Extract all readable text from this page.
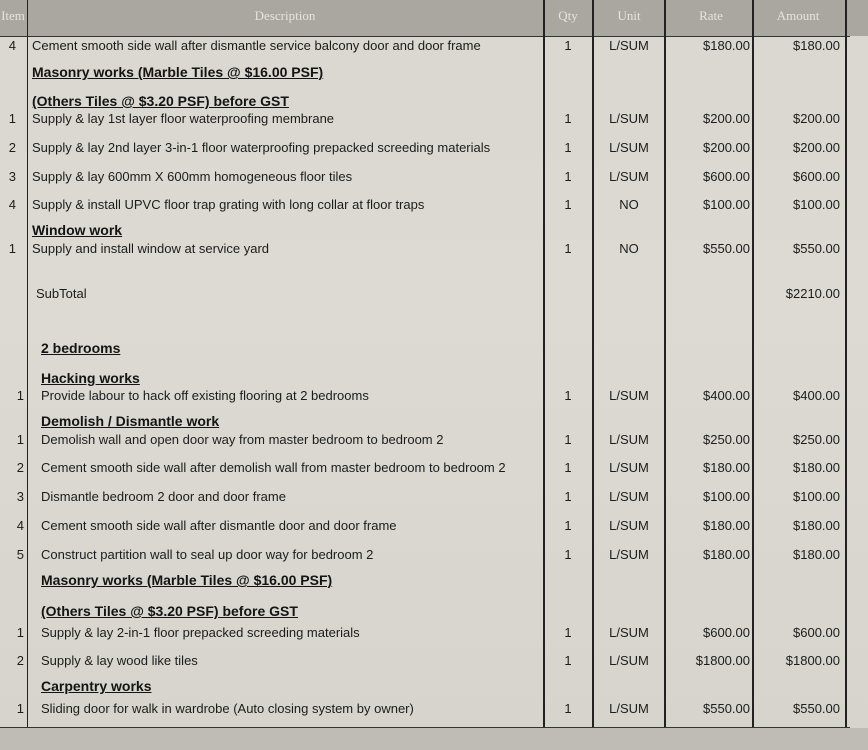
Item	Description	Qty	Unit	Rate	Amount
4 Cement smooth side wall after dismantle service balcony door and door frame	1	L/SUM	$180.00	$180.00
Masonry works (Marble Tiles @ $16.00 PSF)
(Others Tiles @ $3.20 PSF) before GST
1 Supply & lay 1st layer floor waterproofing membrane	1	L/SUM	$200.00	$200.00
2 Supply & lay 2nd layer 3-in-1 floor waterproofing prepacked screeding materials	1	L/SUM	$200.00	$200.00
3 Supply & lay 600mm X 600mm homogeneous floor tiles	1	L/SUM	$600.00	$600.00
4 Supply & install UPVC floor trap grating with long collar at floor traps	1	NO	$100.00	$100.00
Window work
1 Supply and install window at service yard	1	NO	$550.00	$550.00
SubTotal	$2210.00
2 bedrooms
Hacking works
1 Provide labour to hack off existing flooring at 2 bedrooms	1	L/SUM	$400.00	$400.00
Demolish / Dismantle work
1 Demolish wall and open door way from master bedroom to bedroom 2	1	L/SUM	$250.00	$250.00
2 Cement smooth side wall after demolish wall from master bedroom to bedroom 2	1	L/SUM	$180.00	$180.00
3 Dismantle bedroom 2 door and door frame	1	L/SUM	$100.00	$100.00
4 Cement smooth side wall after dismantle door and door frame	1	L/SUM	$180.00	$180.00
5 Construct partition wall to seal up door way for bedroom 2	1	L/SUM	$180.00	$180.00
Masonry works (Marble Tiles @ $16.00 PSF)
(Others Tiles @ $3.20 PSF) before GST
1 Supply & lay 2-in-1 floor prepacked screeding materials	1	L/SUM	$600.00	$600.00
2 Supply & lay wood like tiles	1	L/SUM	$1800.00	$1800.00
Carpentry works
1 Sliding door for walk in wardrobe (Auto closing system by owner)	1	L/SUM	$550.00	$550.00
